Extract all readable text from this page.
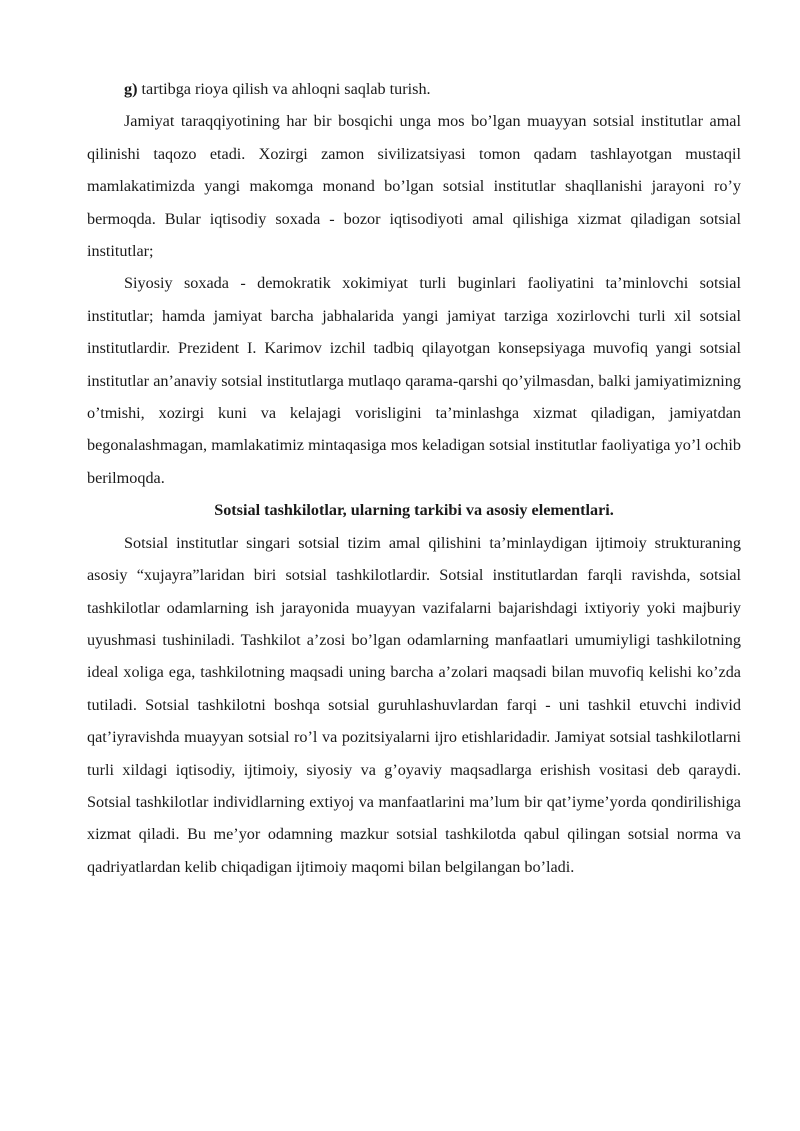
g) tartibga rioya qilish va ahloqni saqlab turish.

Jamiyat taraqqiyotining har bir bosqichi unga mos bo’lgan muayyan sotsial institutlar amal qilinishi taqozo etadi. Xozirgi zamon sivilizatsiyasi tomon qadam tashlayotgan mustaqil mamlakatimizda yangi makomga monand bo’lgan sotsial institutlar shaqllanishi jarayoni ro’y bermoqda. Bular iqtisodiy soxada - bozor iqtisodiyoti amal qilishiga xizmat qiladigan sotsial institutlar;

Siyosiy soxada - demokratik xokimiyat turli buginlari faoliyatini ta’minlovchi sotsial institutlar; hamda jamiyat barcha jabhalarida yangi jamiyat tarziga xozirlovchi turli xil sotsial institutlardir. Prezident I. Karimov izchil tadbiq qilayotgan konsepsiyaga muvofiq yangi sotsial institutlar an’anaviy sotsial institutlarga mutlaqo qarama-qarshi qo’yilmasdan, balki jamiyatimizning o’tmishi, xozirgi kuni va kelajagi vorisligini ta’minlashga xizmat qiladigan, jamiyatdan begonalashmagan, mamlakatimiz mintaqasiga mos keladigan sotsial institutlar faoliyatiga yo’l ochib berilmoqda.

Sotsial tashkilotlar, ularning tarkibi va asosiy elementlari.

Sotsial institutlar singari sotsial tizim amal qilishini ta’minlaydigan ijtimoiy strukturaning asosiy “xujayra”laridan biri sotsial tashkilotlardir. Sotsial institutlardan farqli ravishda, sotsial tashkilotlar odamlarning ish jarayonida muayyan vazifalarni bajarishdagi ixtiyoriy yoki majburiy uyushmasi tushiniladi. Tashkilot a’zosi bo’lgan odamlarning manfaatlari umumiyligi tashkilotning ideal xoliga ega, tashkilotning maqsadi uning barcha a’zolari maqsadi bilan muvofiq kelishi ko’zda tutiladi. Sotsial tashkilotni boshqa sotsial guruhlashuvlardan farqi - uni tashkil etuvchi individ qat’iyravishda muayyan sotsial ro’l va pozitsiyalarni ijro etishlaridadir. Jamiyat sotsial tashkilotlarni turli xildagi iqtisodiy, ijtimoiy, siyosiy va g’oyaviy maqsadlarga erishish vositasi deb qaraydi. Sotsial tashkilotlar individlarning extiyoj va manfaatlarini ma’lum bir qat’iyme’yorda qondirilishiga xizmat qiladi. Bu me’yor odamning mazkur sotsial tashkilotda qabul qilingan sotsial norma va qadriyatlardan kelib chiqadigan ijtimoiy maqomi bilan belgilangan bo’ladi.
